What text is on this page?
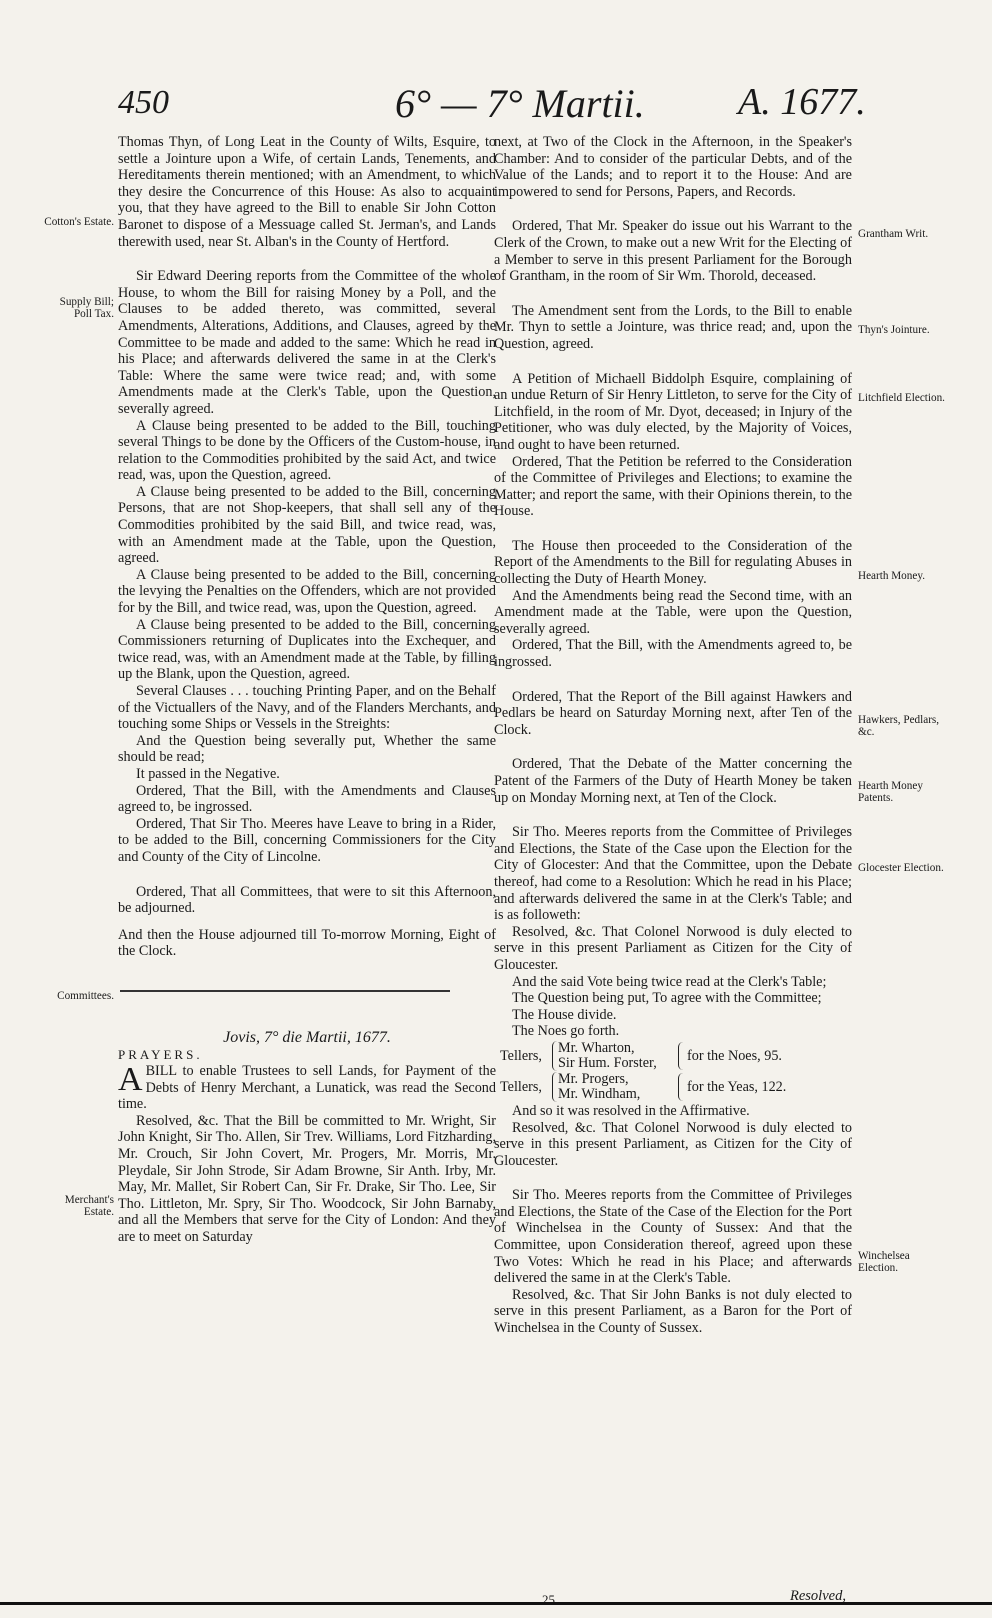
450	6° — 7° Martii. A. 1677.

Thomas Thyn, of Long Leat in the County of Wilts, Esquire, to settle a Jointure upon a Wife, of certain Lands, Tenements, and Hereditaments therein mentioned; with an Amendment, to which they desire the Concurrence of this House: As also to acquaint you, that they have agreed to the Bill to enable Sir John Cotton Baronet to dispose of a Messuage called St. Jerman's, and Lands therewith used, near St. Alban's in the County of Hertford.

Sir Edward Deering reports from the Committee of the whole House, to whom the Bill for raising Money by a Poll, and the Clauses to be added thereto, was committed, several Amendments, Alterations, Additions, and Clauses, agreed by the Committee to be made and added to the same: Which he read in his Place; and afterwards delivered the same in at the Clerk's Table: Where the same were twice read; and, with some Amendments made at the Clerk's Table, upon the Question, severally agreed.

A Clause being presented to be added to the Bill, touching several Things to be done by the Officers of the Custom-house, in relation to the Commodities prohibited by the said Act, and twice read, was, upon the Question, agreed.

A Clause being presented to be added to the Bill, concerning Persons, that are not Shop-keepers, that shall sell any of the Commodities prohibited by the said Bill, and twice read, was, with an Amendment made at the Table, upon the Question, agreed.

A Clause being presented to be added to the Bill, concerning the levying the Penalties on the Offenders, which are not provided for by the Bill, and twice read, was, upon the Question, agreed.

A Clause being presented to be added to the Bill, concerning Commissioners returning of Duplicates into the Exchequer, and twice read, was, with an Amendment made at the Table, by filling up the Blank, upon the Question, agreed.

Several Clauses . . . touching Printing Paper, and on the Behalf of the Victuallers of the Navy, and of the Flanders Merchants, and touching some Ships or Vessels in the Streights:

And the Question being severally put, Whether the same should be read;

It passed in the Negative.

Ordered, That the Bill, with the Amendments and Clauses agreed to, be ingrossed.

Ordered, That Sir Tho. Meeres have Leave to bring in a Rider, to be added to the Bill, concerning Commissioners for the City and County of the City of Lincolne.

Ordered, That all Committees, that were to sit this Afternoon, be adjourned.

And then the House adjourned till To-morrow Morning, Eight of the Clock.

Jovis, 7° die Martii, 1677.

PRAYERS.

ABILL to enable Trustees to sell Lands, for Payment of the Debts of Henry Merchant, a Lunatick, was read the Second time.

Resolved, &c. That the Bill be committed to Mr. Wright, Sir John Knight, Sir Tho. Allen, Sir Trev. Williams, Lord Fitzharding, Mr. Crouch, Sir John Covert, Mr. Progers, Mr. Morris, Mr. Pleydale, Sir John Strode, Sir Adam Browne, Sir Anth. Irby, Mr. May, Mr. Mallet, Sir Robert Can, Sir Fr. Drake, Sir Tho. Lee, Sir Tho. Littleton, Mr. Spry, Sir Tho. Woodcock, Sir John Barnaby, and all the Members that serve for the City of London: And they are to meet on Saturday

next, at Two of the Clock in the Afternoon, in the Speaker's Chamber: And to consider of the particular Debts, and of the Value of the Lands; and to report it to the House: And are impowered to send for Persons, Papers, and Records.

Ordered, That Mr. Speaker do issue out his Warrant to the Clerk of the Crown, to make out a new Writ for the Electing of a Member to serve in this present Parliament for the Borough of Grantham, in the room of Sir Wm. Thorold, deceased.

The Amendment sent from the Lords, to the Bill to enable Mr. Thyn to settle a Jointure, was thrice read; and, upon the Question, agreed.

A Petition of Michaell Biddolph Esquire, complaining of an undue Return of Sir Henry Littleton, to serve for the City of Litchfield, in the room of Mr. Dyot, deceased; in Injury of the Petitioner, who was duly elected, by the Majority of Voices, and ought to have been returned.

Ordered, That the Petition be referred to the Consideration of the Committee of Privileges and Elections; to examine the Matter; and report the same, with their Opinions therein, to the House.

The House then proceeded to the Consideration of the Report of the Amendments to the Bill for regulating Abuses in collecting the Duty of Hearth Money.

And the Amendments being read the Second time, with an Amendment made at the Table, were upon the Question, severally agreed.

Ordered, That the Bill, with the Amendments agreed to, be ingrossed.

Ordered, That the Report of the Bill against Hawkers and Pedlars be heard on Saturday Morning next, after Ten of the Clock.

Ordered, That the Debate of the Matter concerning the Patent of the Farmers of the Duty of Hearth Money be taken up on Monday Morning next, at Ten of the Clock.

Sir Tho. Meeres reports from the Committee of Privileges and Elections, the State of the Case upon the Election for the City of Glocester: And that the Committee, upon the Debate thereof, had come to a Resolution: Which he read in his Place; and afterwards delivered the same in at the Clerk's Table; and is as followeth:

Resolved, &c. That Colonel Norwood is duly elected to serve in this present Parliament as Citizen for the City of Gloucester.

And the said Vote being twice read at the Clerk's Table;

The Question being put, To agree with the Committee;

The House divide.

The Noes go forth.

Tellers,	Mr. Wharton,
Sir Hum. Forster,	for the Noes, 95.
Tellers,	Mr. Progers,
Mr. Windham,	for the Yeas, 122.

And so it was resolved in the Affirmative.

Resolved, &c. That Colonel Norwood is duly elected to serve in this present Parliament, as Citizen for the City of Gloucester.

Sir Tho. Meeres reports from the Committee of Privileges and Elections, the State of the Case of the Election for the Port of Winchelsea in the County of Sussex: And that the Committee, upon Consideration thereof, agreed upon these Two Votes: Which he read in his Place; and afterwards delivered the same in at the Clerk's Table.

Resolved, &c. That Sir John Banks is not duly elected to serve in this present Parliament, as a Baron for the Port of Winchelsea in the County of Sussex.

Cotton's Estate.
Supply Bill; Poll Tax.
Committees.
Merchant's Estate.
Grantham Writ.
Thyn's Jointure.
Litchfield Election.
Hearth Money.
Hawkers, Pedlars, &c.
Hearth Money Patents.
Glocester Election.
Winchelsea Election.
25	Resolved,
